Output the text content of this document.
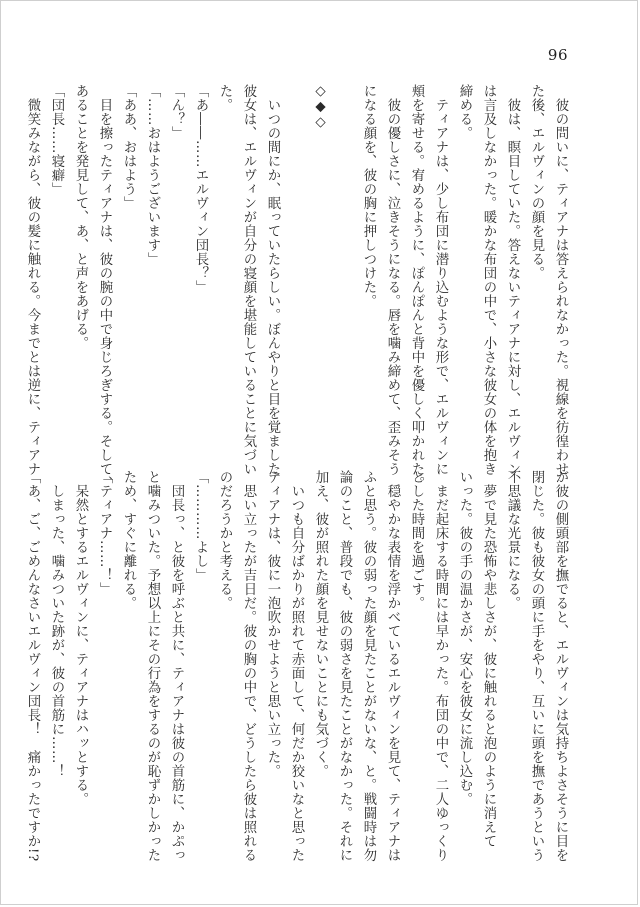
96
　彼の問いに、ティアナは答えられなかった。視線を彷徨わせ
た後、エルヴィンの顔を見る。
　彼は、瞑目していた。答えないティアナに対し、エルヴィン
は言及しなかった。暖かな布団の中で、小さな彼女の体を抱き
締める。
　ティアナは、少し布団に潜り込むような形で、エルヴィンに
頬を寄せる。宥めるように、ぽんぽんと背中を優しく叩かれた。
　彼の優しさに、泣きそうになる。唇を噛み締めて、歪みそう
になる顔を、彼の胸に押しつけた。

◇◆◇

　いつの間にか、眠っていたらしい。ぼんやりと目を覚ました
彼女は、エルヴィンが自分の寝顔を堪能していることに気づい
た。
「あ――……エルヴィン団長？」
「ん？」
「……おはようございます」
「ああ、おはよう」
　目を擦ったティアナは、彼の腕の中で身じろぎする。そして、
あることを発見して、あ、と声をあげる。
「団長……寝癖」
　微笑みながら、彼の髪に触れる。今までとは逆に、ティアナ
が彼の側頭部を撫でると、エルヴィンは気持ちよさそうに目を
閉じた。彼も彼女の頭に手をやり、互いに頭を撫であうという
不思議な光景になる。
　夢で見た恐怖や悲しさが、彼に触れると泡のように消えて
いった。彼の手の温かさが、安心を彼女に流し込む。
　まだ起床する時間には早かった。布団の中で、二人ゆっくり
とした時間を過ごす。
　穏やかな表情を浮かべているエルヴィンを見て、ティアナは
ふと思う。彼の弱った顔を見たことがないな、と。戦闘時は勿
論のこと、普段でも、彼の弱さを見たことがなかった。それに
加え、彼が照れた顔を見せないことにも気づく。
　いつも自分ばかりが照れて赤面して、何だか狡いなと思った
ティアナは、彼に一泡吹かせようと思い立った。
　思い立ったが吉日だ。彼の胸の中で、どうしたら彼は照れる
のだろうかと考える。
「…………よし」
　団長っ、と彼を呼ぶと共に、ティアナは彼の首筋に、かぷっ
と噛みついた。予想以上にその行為をするのが恥ずかしかった
ため、すぐに離れる。
「ティアナ……！」
　呆然とするエルヴィンに、ティアナはハッとする。
　しまった、噛みついた跡が、彼の首筋に……！
「あ、ご、ごめんなさいエルヴィン団長！　痛かったですか!?
